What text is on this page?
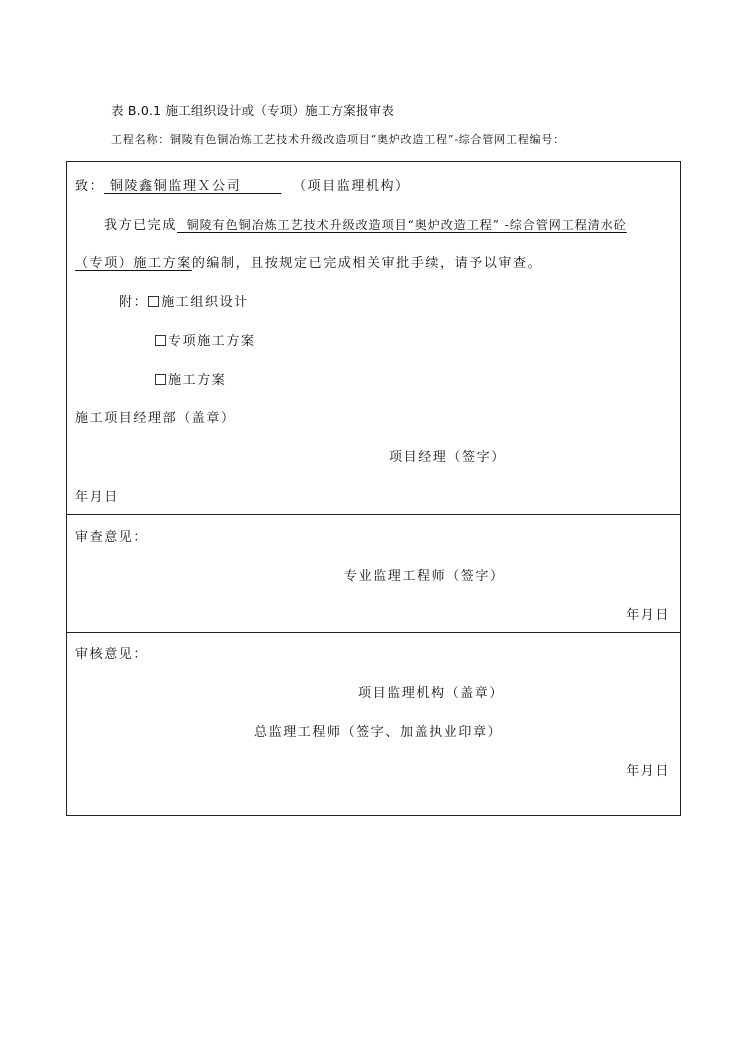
表 B.0.1 施工组织设计或（专项）施工方案报审表
工程名称：铜陵有色铜冶炼工艺技术升级改造项目“奥炉改造工程”-综合管网工程编号：
致： 铜陵鑫铜监理Ｘ公司	（项目监理机构）
我方已完成 铜陵有色铜冶炼工艺技术升级改造项目“奥炉改造工程” -综合管网工程清水砼
（专项）施工方案的编制，且按规定已完成相关审批手续，请予以审查。
附： 施工组织设计
专项施工方案
施工方案
施工项目经理部（盖章）
项目经理（签字）
年月日
审查意见：
专业监理工程师（签字）
年月日
审核意见：
项目监理机构（盖章）
总监理工程师（签字、加盖执业印章）
年月日
